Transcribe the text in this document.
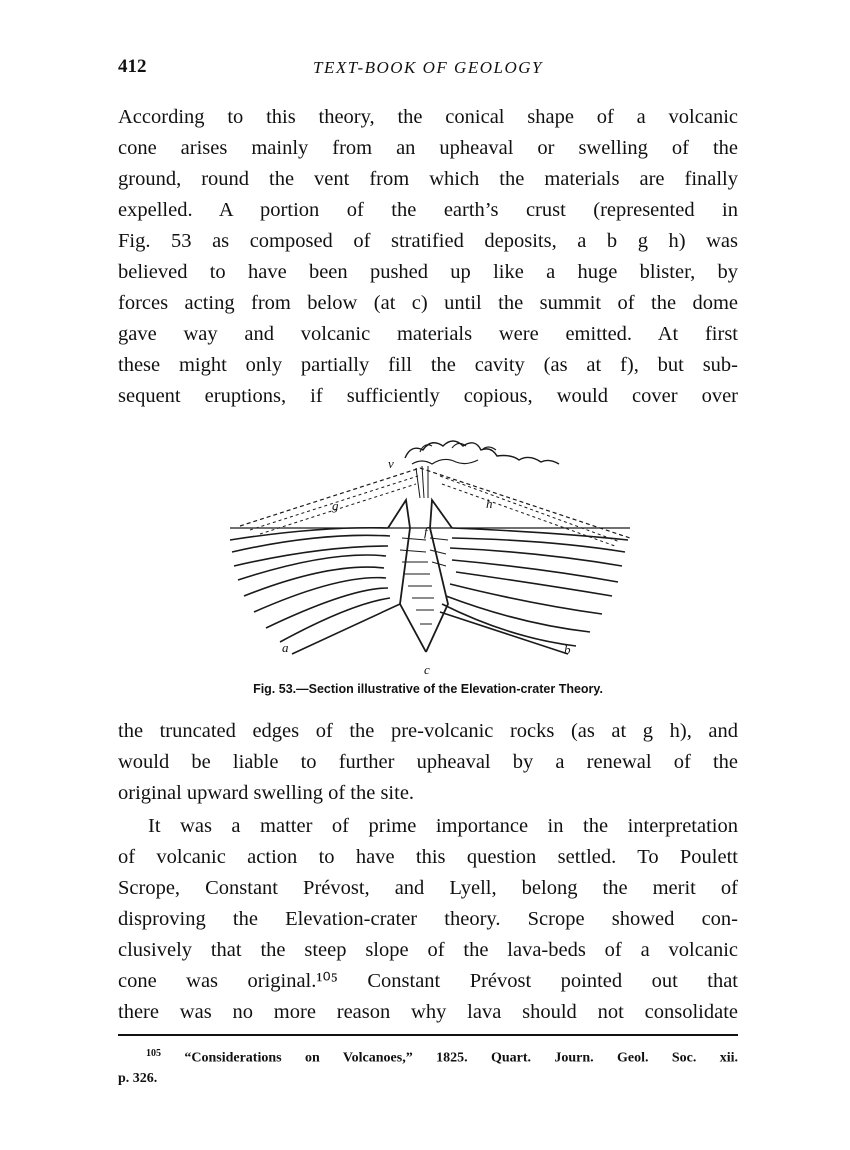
412	TEXT-BOOK OF GEOLOGY
According to this theory, the conical shape of a volcanic
cone arises mainly from an upheaval or swelling of the
ground, round the vent from which the materials are finally
expelled. A portion of the earth’s crust (represented in
Fig. 53 as composed of stratified deposits, a b g h) was
believed to have been pushed up like a huge blister, by
forces acting from below (at c) until the summit of the dome
gave way and volcanic materials were emitted. At first
these might only partially fill the cavity (as at f), but sub-
sequent eruptions, if sufficiently copious, would cover over
v
g	h
f
a	b
c
Fig. 53.—Section illustrative of the Elevation-crater Theory.
the truncated edges of the pre-volcanic rocks (as at g h), and
would be liable to further upheaval by a renewal of the
original upward swelling of the site.
It was a matter of prime importance in the interpretation
of volcanic action to have this question settled. To Poulett
Scrope, Constant Prévost, and Lyell, belong the merit of
disproving the Elevation-crater theory. Scrope showed con-
clusively that the steep slope of the lava-beds of a volcanic
cone was original.¹⁰⁵ Constant Prévost pointed out that
there was no more reason why lava should not consolidate
$^{105}$ “Considerations on Volcanoes,” 1825. Quart. Journ. Geol. Soc. xii.
p. 326.
